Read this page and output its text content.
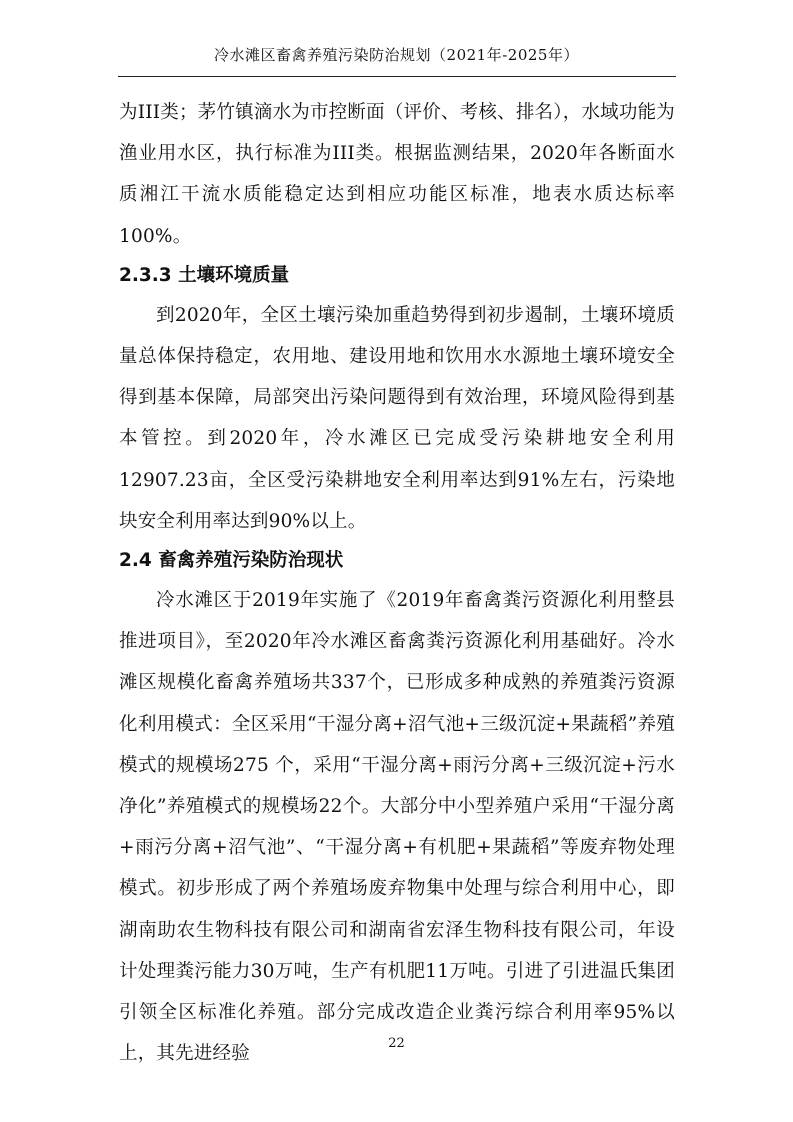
冷水滩区畜禽养殖污染防治规划（2021年-2025年）

为III类；茅竹镇滴水为市控断面（评价、考核、排名），水域功能为渔业用水区，执行标准为III类。根据监测结果，2020年各断面水质湘江干流水质能稳定达到相应功能区标准，地表水质达标率100%。

2.3.3 土壤环境质量

到2020年，全区土壤污染加重趋势得到初步遏制，土壤环境质量总体保持稳定，农用地、建设用地和饮用水水源地土壤环境安全得到基本保障，局部突出污染问题得到有效治理，环境风险得到基本管控。到2020年，冷水滩区已完成受污染耕地安全利用12907.23亩，全区受污染耕地安全利用率达到91%左右，污染地块安全利用率达到90%以上。

2.4 畜禽养殖污染防治现状

冷水滩区于2019年实施了《2019年畜禽粪污资源化利用整县推进项目》，至2020年冷水滩区畜禽粪污资源化利用基础好。冷水滩区规模化畜禽养殖场共337个，已形成多种成熟的养殖粪污资源化利用模式：全区采用“干湿分离+沼气池+三级沉淀+果蔬稻”养殖模式的规模场275 个，采用“干湿分离+雨污分离+三级沉淀+污水净化”养殖模式的规模场22个。大部分中小型养殖户采用“干湿分离+雨污分离+沼气池”、“干湿分离+有机肥+果蔬稻”等废弃物处理模式。初步形成了两个养殖场废弃物集中处理与综合利用中心，即湖南助农生物科技有限公司和湖南省宏泽生物科技有限公司，年设计处理粪污能力30万吨，生产有机肥11万吨。引进了引进温氏集团引领全区标准化养殖。部分完成改造企业粪污综合利用率95%以上，其先进经验	22
